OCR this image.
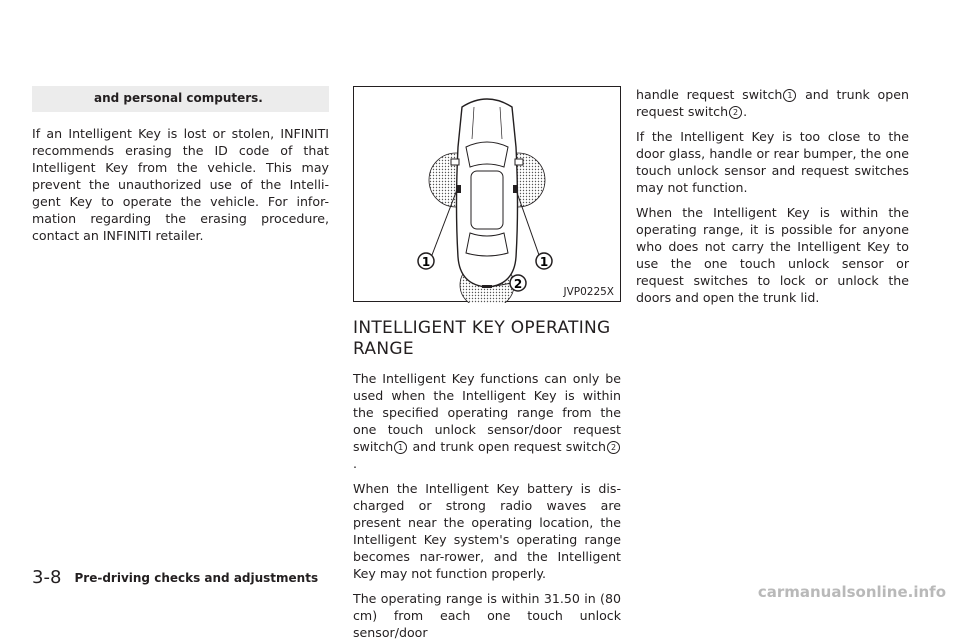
and personal computers.

If an Intelligent Key is lost or stolen, INFINITI recommends erasing the ID code of that Intelligent Key from the vehicle. This may prevent the unauthorized use of the Intelli-gent Key to operate the vehicle. For infor-mation regarding the erasing procedure, contact an INFINITI retailer.

1	1
2
JVP0225X
INTELLIGENT KEY OPERATING
RANGE

The Intelligent Key functions can only be used when the Intelligent Key is within the specified operating range from the one touch unlock sensor/door request switch 1 and trunk open request switch 2.

When the Intelligent Key battery is dis-charged or strong radio waves are present near the operating location, the Intelligent Key system's operating range becomes nar-rower, and the Intelligent Key may not function properly.

The operating range is within 31.50 in (80 cm) from each one touch unlock sensor/door

handle request switch 1 and trunk open request switch 2 .

If the Intelligent Key is too close to the door glass, handle or rear bumper, the one touch unlock sensor and request switches may not function.

When the Intelligent Key is within the operating range, it is possible for anyone who does not carry the Intelligent Key to use the one touch unlock sensor or request switches to lock or unlock the doors and open the trunk lid.

3-8 Pre-driving checks and adjustments
carmanualsonline.info
